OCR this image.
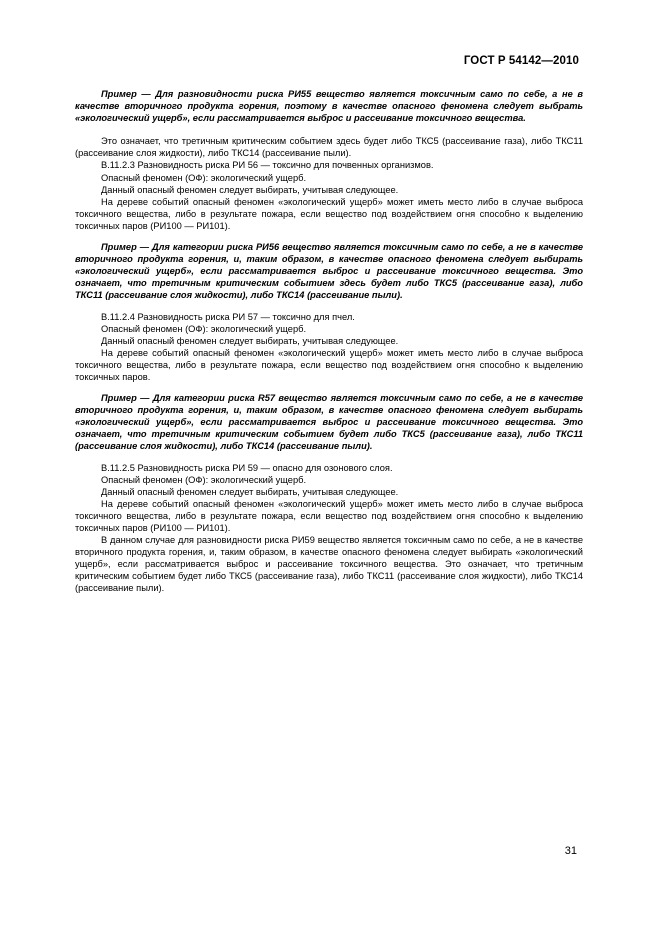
ГОСТ Р 54142—2010

Пример — Для разновидности риска РИ55 вещество является токсичным само по себе, а не в качестве вторичного продукта горения, поэтому в качестве опасного феномена следует выбрать «экологический ущерб», если рассматривается выброс и рассеивание токсичного вещества.

Это означает, что третичным критическим событием здесь будет либо ТКС5 (рассеивание газа), либо ТКС11 (рассеивание слоя жидкости), либо ТКС14 (рассеивание пыли).

В.11.2.3 Разновидность риска РИ 56 — токсично для почвенных организмов.

Опасный феномен (ОФ): экологический ущерб.

Данный опасный феномен следует выбирать, учитывая следующее.

На дереве событий опасный феномен «экологический ущерб» может иметь место либо в случае выброса токсичного вещества, либо в результате пожара, если вещество под воздействием огня способно к выделению токсичных паров (РИ100 — РИ101).

Пример — Для категории риска РИ56 вещество является токсичным само по себе, а не в качестве вторичного продукта горения, и, таким образом, в качестве опасного феномена следует выбирать «экологический ущерб», если рассматривается выброс и рассеивание токсичного вещества. Это означает, что третичным критическим событием здесь будет либо ТКС5 (рассеивание газа), либо ТКС11 (рассеивание слоя жидкости), либо ТКС14 (рассеивание пыли).

В.11.2.4 Разновидность риска РИ 57 — токсично для пчел.

Опасный феномен (ОФ): экологический ущерб.

Данный опасный феномен следует выбирать, учитывая следующее.

На дереве событий опасный феномен «экологический ущерб» может иметь место либо в случае выброса токсичного вещества, либо в результате пожара, если вещество под воздействием огня способно к выделению токсичных паров.

Пример — Для категории риска R57 вещество является токсичным само по себе, а не в качестве вторичного продукта горения, и, таким образом, в качестве опасного феномена следует выбирать «экологический ущерб», если рассматривается выброс и рассеивание токсичного вещества. Это означает, что третичным критическим событием будет либо ТКС5 (рассеивание газа), либо ТКС11 (рассеивание слоя жидкости), либо ТКС14 (рассеивание пыли).

В.11.2.5 Разновидность риска РИ 59 — опасно для озонового слоя.

Опасный феномен (ОФ): экологический ущерб.

Данный опасный феномен следует выбирать, учитывая следующее.

На дереве событий опасный феномен «экологический ущерб» может иметь место либо в случае выброса токсичного вещества, либо в результате пожара, если вещество под воздействием огня способно к выделению токсичных паров (РИ100 — РИ101).

В данном случае для разновидности риска РИ59 вещество является токсичным само по себе, а не в качестве вторичного продукта горения, и, таким образом, в качестве опасного феномена следует выбирать «экологический ущерб», если рассматривается выброс и рассеивание токсичного вещества. Это означает, что третичным критическим событием будет либо ТКС5 (рассеивание газа), либо ТКС11 (рассеивание слоя жидкости), либо ТКС14 (рассеивание пыли).

31
